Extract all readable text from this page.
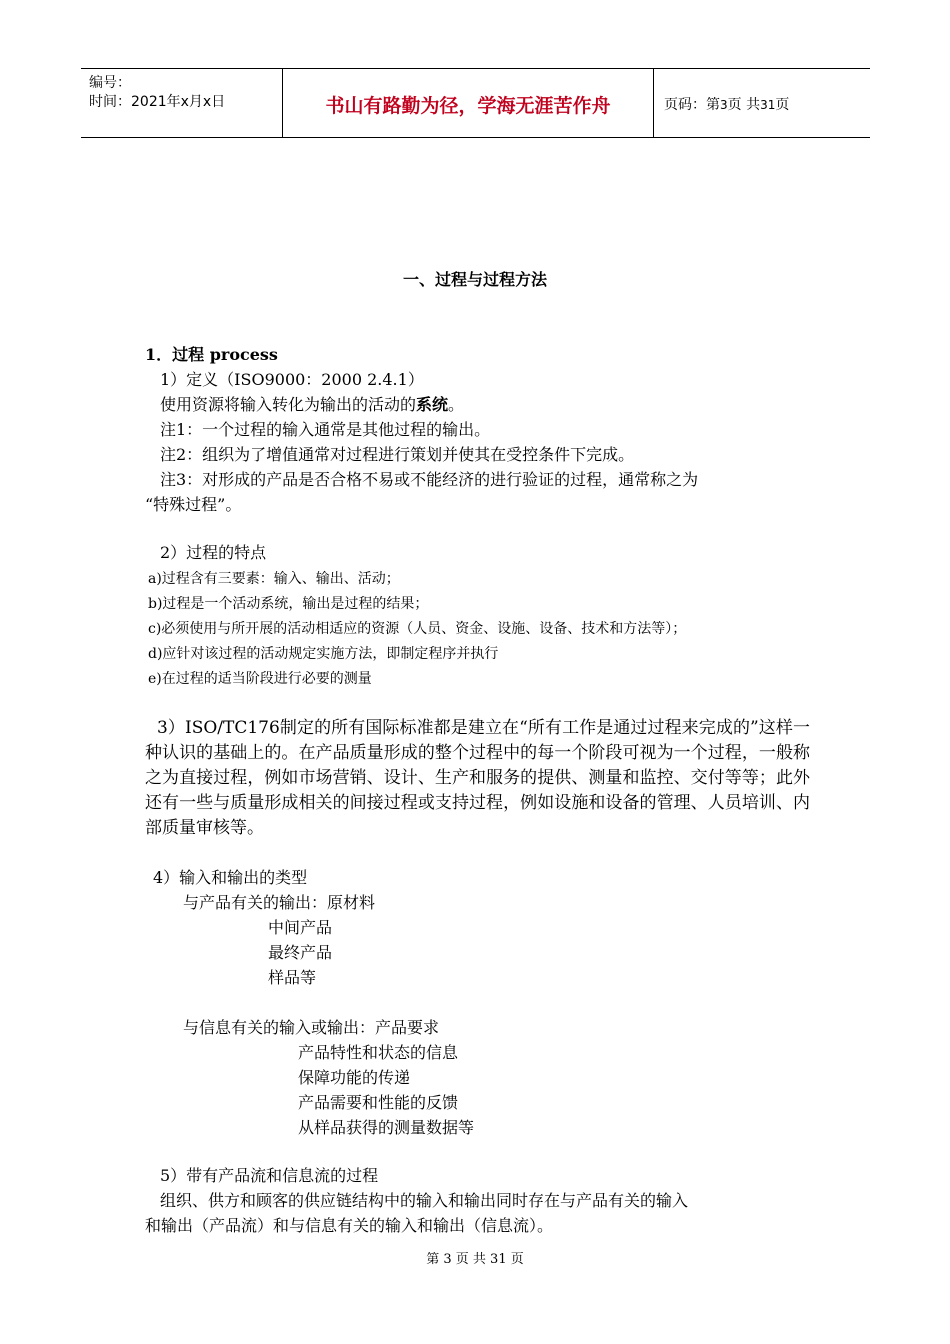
编号：
时间：2021年x月x日	书山有路勤为径，学海无涯苦作舟	页码：第3页 共31页
一、过程与过程方法
1．过程 process
1）定义（ISO9000：2000 2.4.1）
使用资源将输入转化为输出的活动的系统。
注1：一个过程的输入通常是其他过程的输出。
注2：组织为了增值通常对过程进行策划并使其在受控条件下完成。
注3：对形成的产品是否合格不易或不能经济的进行验证的过程，通常称之为
“特殊过程”。
2）过程的特点
a)过程含有三要素：输入、输出、活动；
b)过程是一个活动系统，输出是过程的结果；
c)必须使用与所开展的活动相适应的资源（人员、资金、设施、设备、技术和方法等）；
d)应针对该过程的活动规定实施方法，即制定程序并执行
e)在过程的适当阶段进行必要的测量
3）ISO/TC176制定的所有国际标准都是建立在“所有工作是通过过程来完成的”这样一种认识的基础上的。在产品质量形成的整个过程中的每一个阶段可视为一个过程，一般称之为直接过程，例如市场营销、设计、生产和服务的提供、测量和监控、交付等等；此外还有一些与质量形成相关的间接过程或支持过程，例如设施和设备的管理、人员培训、内部质量审核等。
4）输入和输出的类型
与产品有关的输出：原材料
中间产品
最终产品
样品等
与信息有关的输入或输出：产品要求
产品特性和状态的信息
保障功能的传递
产品需要和性能的反馈
从样品获得的测量数据等
5）带有产品流和信息流的过程
组织、供方和顾客的供应链结构中的输入和输出同时存在与产品有关的输入
和输出（产品流）和与信息有关的输入和输出（信息流）。
第 3 页 共 31 页
